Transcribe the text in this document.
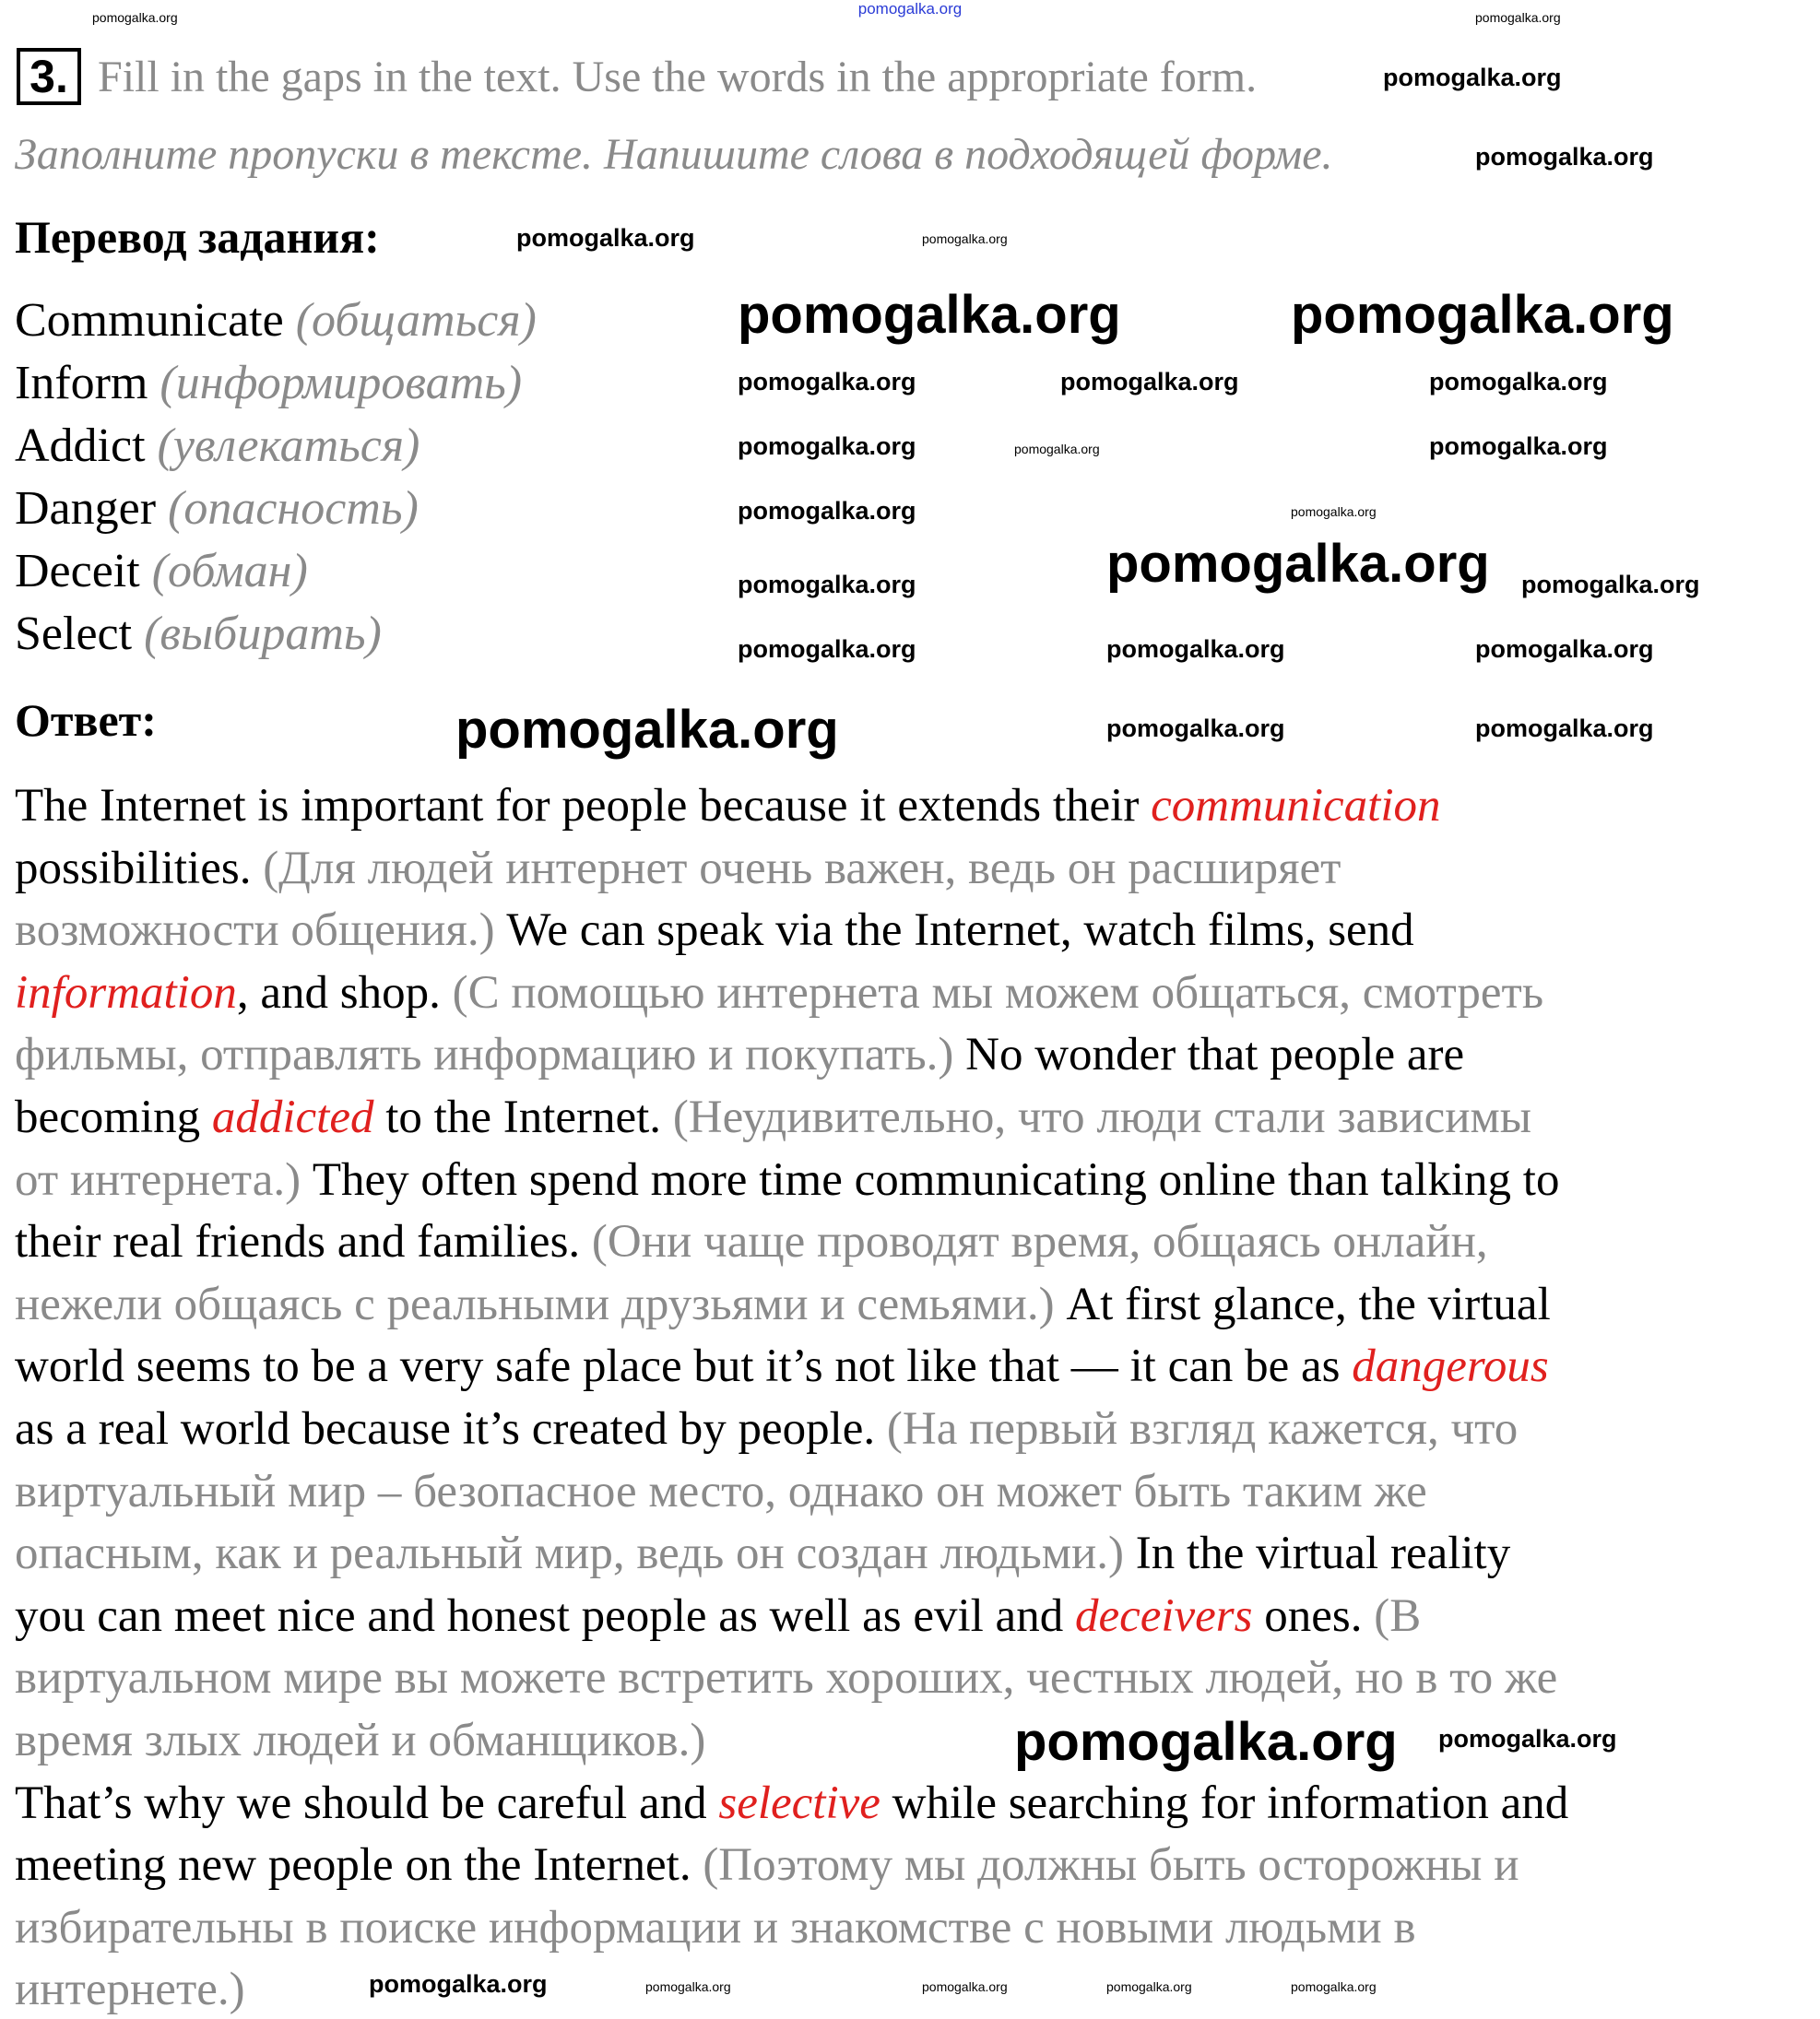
pomogalka.org
3. Fill in the gaps in the text. Use the words in the appropriate form.
Заполните пропуски в тексте. Напишите слова в подходящей форме.
Перевод задания:
Communicate (общаться)
Inform (информировать)
Addict (увлекаться)
Danger (опасность)
Deceit (обман)
Select (выбирать)
Ответ:
The Internet is important for people because it extends their communication
possibilities. (Для людей интернет очень важен, ведь он расширяет
возможности общения.) We can speak via the Internet, watch films, send
information, and shop. (С помощью интернета мы можем общаться, смотреть
фильмы, отправлять информацию и покупать.) No wonder that people are
becoming addicted to the Internet. (Неудивительно, что люди стали зависимы
от интернета.) They often spend more time communicating online than talking to
their real friends and families. (Они чаще проводят время, общаясь онлайн,
нежели общаясь с реальными друзьями и семьями.) At first glance, the virtual
world seems to be a very safe place but it’s not like that — it can be as dangerous
as a real world because it’s created by people. (На первый взгляд кажется, что
виртуальный мир – безопасное место, однако он может быть таким же
опасным, как и реальный мир, ведь он создан людьми.) In the virtual reality
you can meet nice and honest people as well as evil and deceivers ones. (В
виртуальном мире вы можете встретить хороших, честных людей, но в то же
время злых людей и обманщиков.)
That’s why we should be careful and selective while searching for information and
meeting new people on the Internet. (Поэтому мы должны быть осторожны и
избирательны в поиске информации и знакомстве с новыми людьми в
интернете.)
pomogalka.org	pomogalka.org
pomogalka.org
pomogalka.org
pomogalka.org	pomogalka.org
pomogalka.org	pomogalka.org
pomogalka.org
pomogalka.org	pomogalka.org	pomogalka.org
pomogalka.org	pomogalka.org
pomogalka.org
pomogalka.org	pomogalka.org
pomogalka.org	pomogalka.org
pomogalka.org	pomogalka.org	pomogalka.org
pomogalka.org	pomogalka.org	pomogalka.org
pomogalka.org pomogalka.org
pomogalka.org	pomogalka.org	pomogalka.org	pomogalka.org	pomogalka.org
